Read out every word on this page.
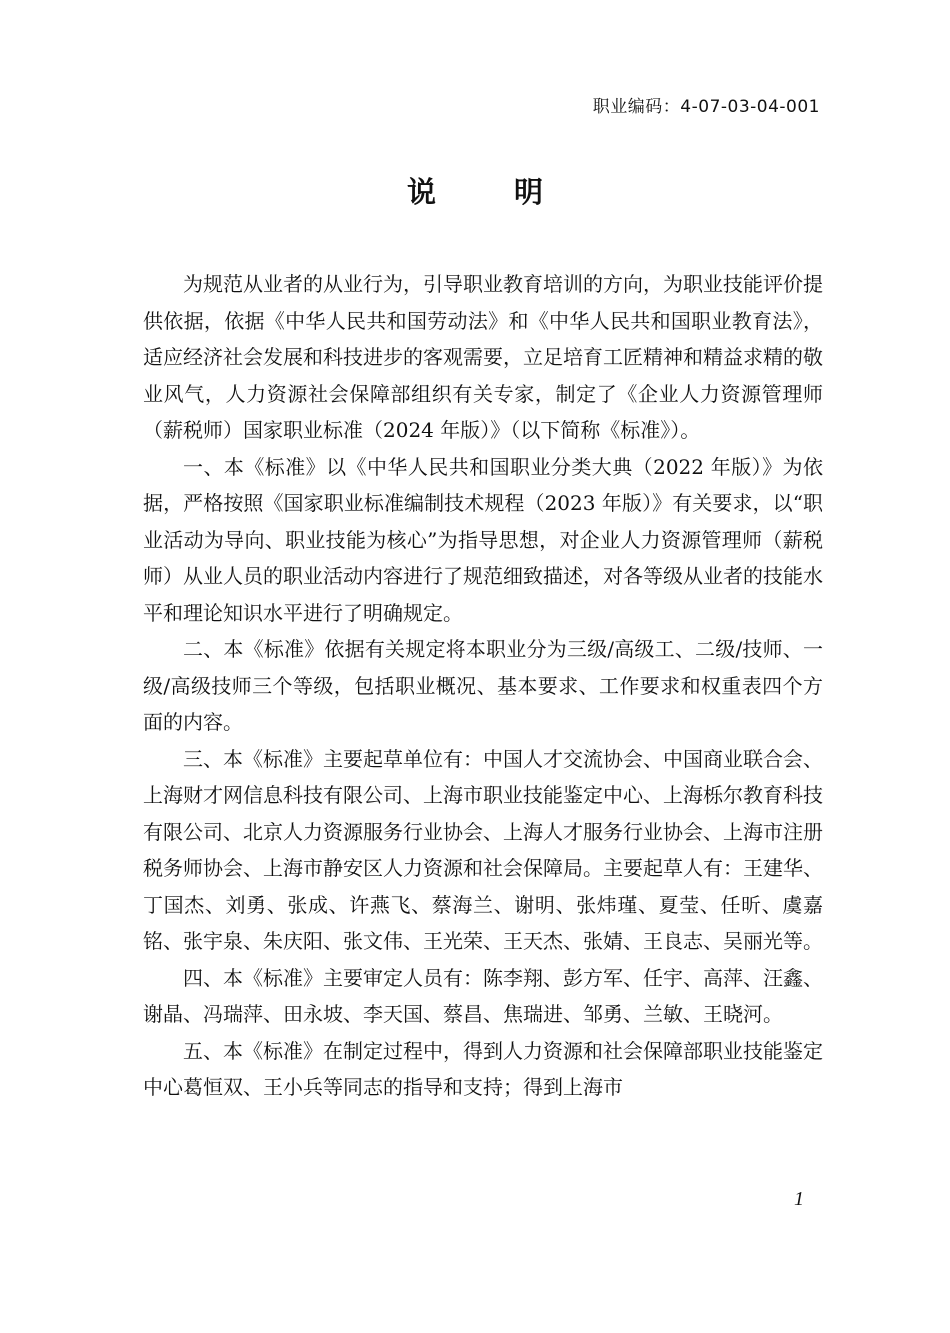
职业编码：4-07-03-04-001
说	明

为规范从业者的从业行为，引导职业教育培训的方向，为职业技能评价提供依据，依据《中华人民共和国劳动法》和《中华人民共和国职业教育法》，适应经济社会发展和科技进步的客观需要，立足培育工匠精神和精益求精的敬业风气，人力资源社会保障部组织有关专家，制定了《企业人力资源管理师（薪税师）国家职业标准（2024 年版）》（以下简称《标准》）。

一、本《标准》以《中华人民共和国职业分类大典（2022 年版）》为依据，严格按照《国家职业标准编制技术规程（2023 年版）》有关要求，以“职业活动为导向、职业技能为核心”为指导思想，对企业人力资源管理师（薪税师）从业人员的职业活动内容进行了规范细致描述，对各等级从业者的技能水平和理论知识水平进行了明确规定。

二、本《标准》依据有关规定将本职业分为三级/高级工、二级/技师、一级/高级技师三个等级，包括职业概况、基本要求、工作要求和权重表四个方面的内容。

三、本《标准》主要起草单位有：中国人才交流协会、中国商业联合会、上海财才网信息科技有限公司、上海市职业技能鉴定中心、上海栎尔教育科技有限公司、北京人力资源服务行业协会、上海人才服务行业协会、上海市注册税务师协会、上海市静安区人力资源和社会保障局。主要起草人有：王建华、丁国杰、刘勇、张成、许燕飞、蔡海兰、谢明、张炜瑾、夏莹、任昕、虞嘉铭、张宇泉、朱庆阳、张文伟、王光荣、王天杰、张婧、王良志、吴丽光等。

四、本《标准》主要审定人员有：陈李翔、彭方军、任宇、高萍、汪鑫、谢晶、冯瑞萍、田永坡、李天国、蔡昌、焦瑞进、邹勇、兰敏、王晓河。

五、本《标准》在制定过程中，得到人力资源和社会保障部职业技能鉴定中心葛恒双、王小兵等同志的指导和支持；得到上海市

1
